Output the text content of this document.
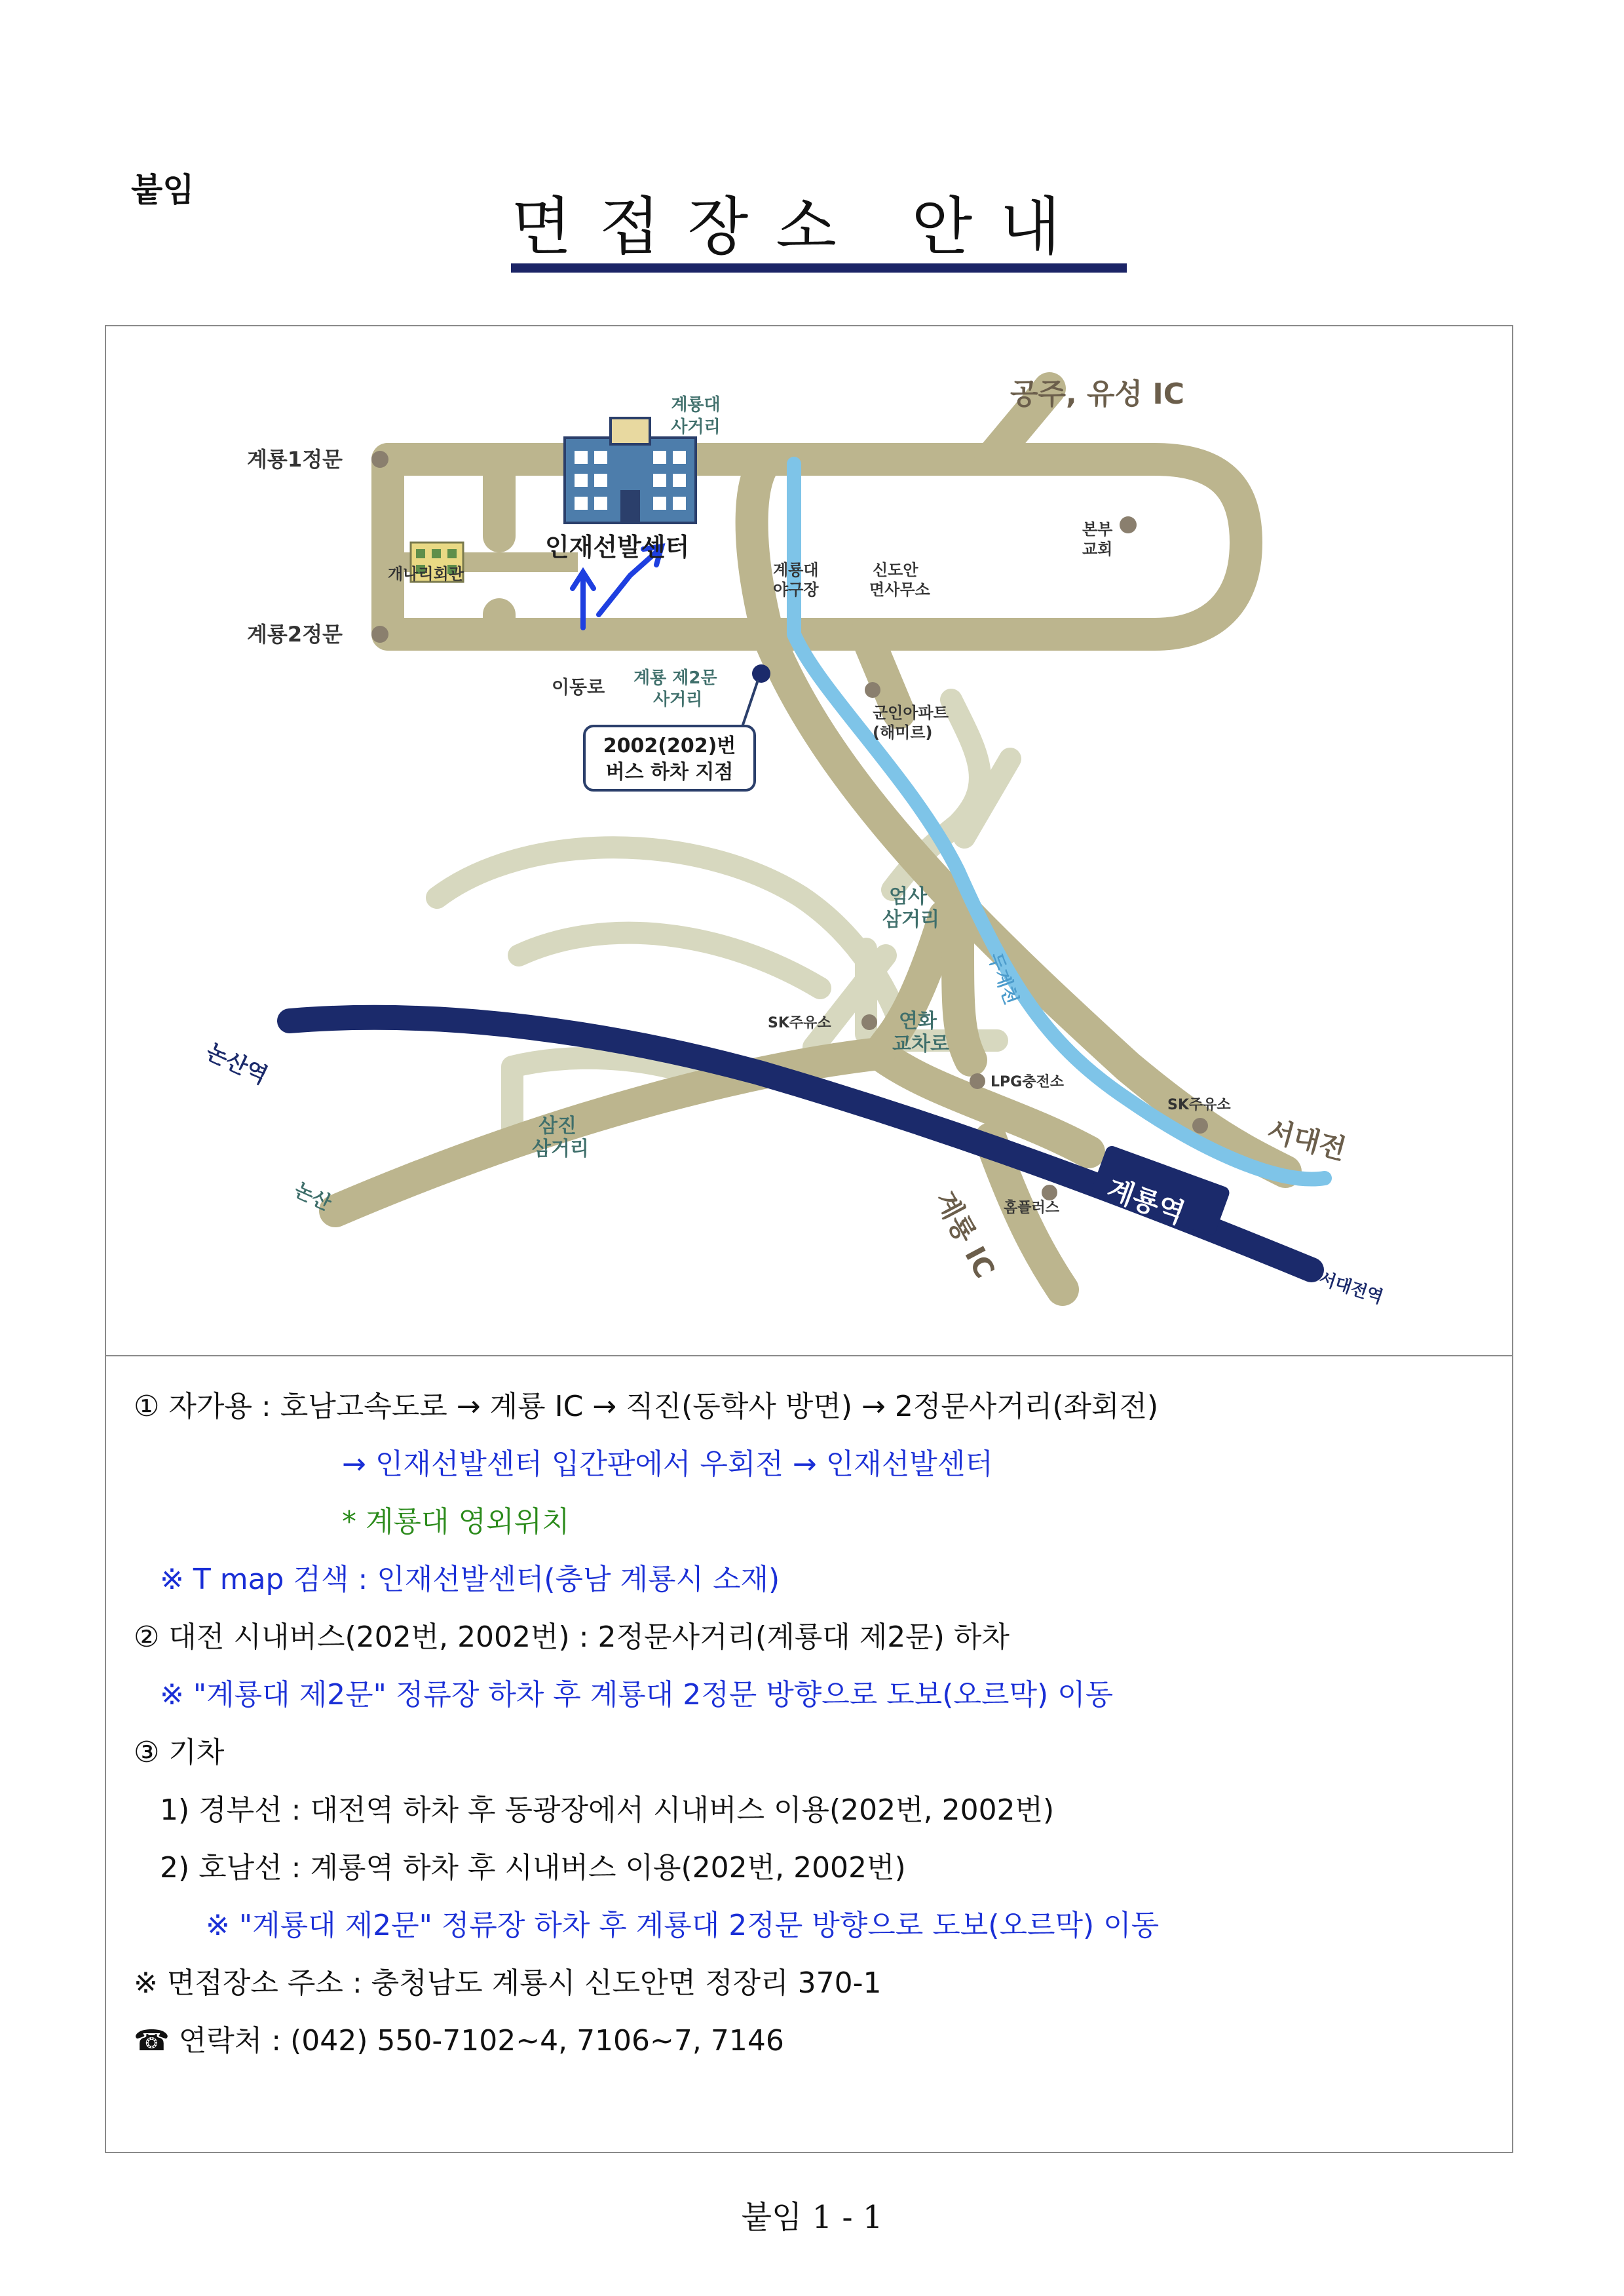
붙임	면접장소 안내
공주, 유성 IC
계룡대
사거리
계룡1정문
계룡2정문
인재선발센터
개나리회관	계룡대
야구장
신도안
면사무소
본부
교회
이동로 계룡 제2문
사거리
2002(202)번
버스 하차 지점
군인아파트
(해미르)
엄사
삼거리
두계천
SK주유소	연화
교차로
LPG충전소
SK주유소
서대전
논산역
삼진
삼거리
논산	홈플러스 계룡역
계룡 IC
서대전역
① 자가용 : 호남고속도로 → 계룡 IC → 직진(동학사 방면) → 2정문사거리(좌회전)
→ 인재선발센터 입간판에서 우회전 → 인재선발센터
* 계룡대 영외위치
※ T map 검색 : 인재선발센터(충남 계룡시 소재)
② 대전 시내버스(202번, 2002번) : 2정문사거리(계룡대 제2문) 하차
※ "계룡대 제2문" 정류장 하차 후 계룡대 2정문 방향으로 도보(오르막) 이동
③ 기차
1) 경부선 : 대전역 하차 후 동광장에서 시내버스 이용(202번, 2002번)
2) 호남선 : 계룡역 하차 후 시내버스 이용(202번, 2002번)
※ "계룡대 제2문" 정류장 하차 후 계룡대 2정문 방향으로 도보(오르막) 이동
※ 면접장소 주소 : 충청남도 계룡시 신도안면 정장리 370-1
☎ 연락처 : (042) 550-7102~4, 7106~7, 7146
붙임 1 - 1
